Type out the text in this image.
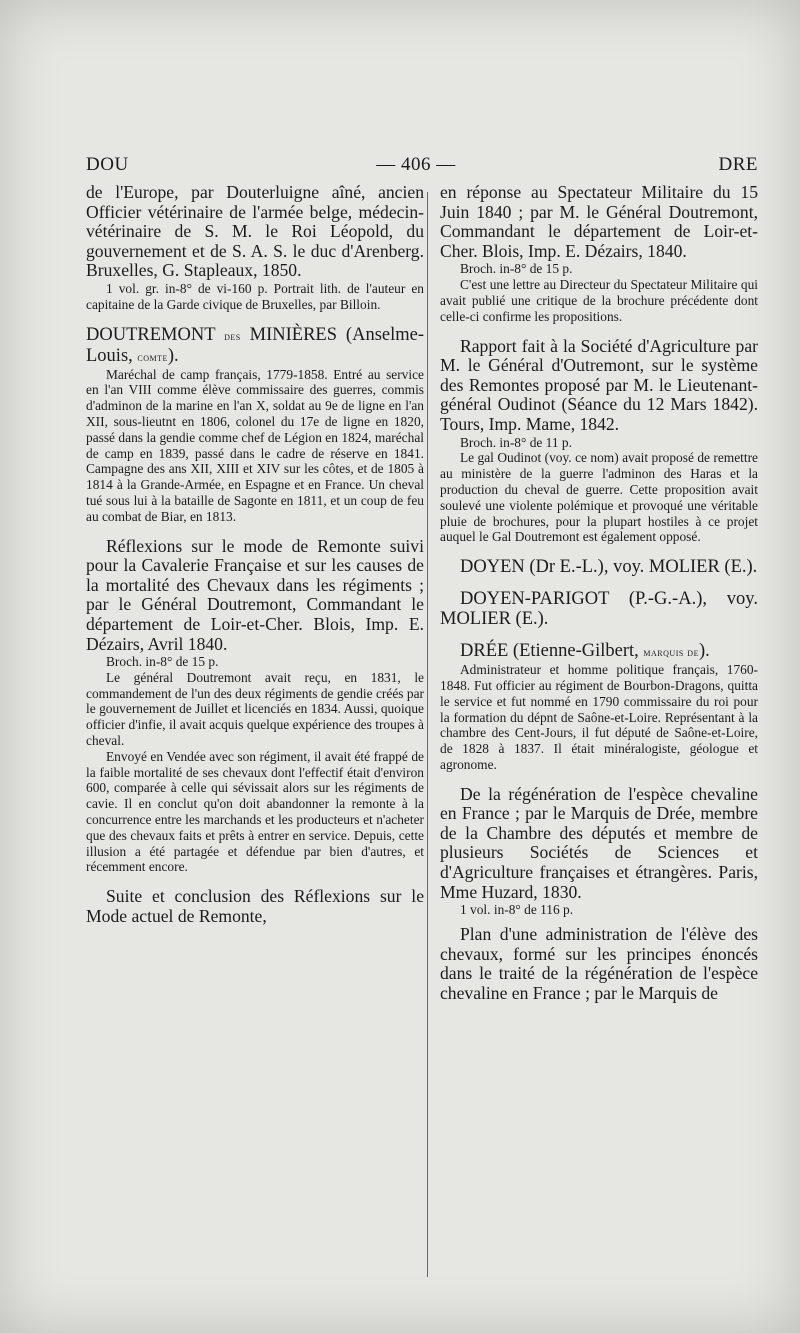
DOU	— 406 —	DRE

de l'Europe, par Douterluigne aîné, ancien Officier vétérinaire de l'armée belge, médecin-vétérinaire de S. M. le Roi Léopold, du gouvernement et de S. A. S. le duc d'Arenberg. Bruxelles, G. Stapleaux, 1850.

1 vol. gr. in-8° de vi-160 p. Portrait lith. de l'auteur en capitaine de la Garde civique de Bruxelles, par Billoin.

DOUTREMONT des MINIÈRES (Anselme-Louis, comte).

Maréchal de camp français, 1779-1858. Entré au service en l'an VIII comme élève commissaire des guerres, commis d'adminon de la marine en l'an X, soldat au 9e de ligne en l'an XII, sous-lieutnt en 1806, colonel du 17e de ligne en 1820, passé dans la gendie comme chef de Légion en 1824, maréchal de camp en 1839, passé dans le cadre de réserve en 1841. Campagne des ans XII, XIII et XIV sur les côtes, et de 1805 à 1814 à la Grande-Armée, en Espagne et en France. Un cheval tué sous lui à la bataille de Sagonte en 1811, et un coup de feu au combat de Biar, en 1813.

Réflexions sur le mode de Remonte suivi pour la Cavalerie Française et sur les causes de la mortalité des Chevaux dans les régiments ; par le Général Doutremont, Commandant le département de Loir-et-Cher. Blois, Imp. E. Dézairs, Avril 1840.

Broch. in-8° de 15 p.

Le général Doutremont avait reçu, en 1831, le commandement de l'un des deux régiments de gendie créés par le gouvernement de Juillet et licenciés en 1834. Aussi, quoique officier d'infie, il avait acquis quelque expérience des troupes à cheval.

Envoyé en Vendée avec son régiment, il avait été frappé de la faible mortalité de ses chevaux dont l'effectif était d'environ 600, comparée à celle qui sévissait alors sur les régiments de cavie. Il en conclut qu'on doit abandonner la remonte à la concurrence entre les marchands et les producteurs et n'acheter que des chevaux faits et prêts à entrer en service. Depuis, cette illusion a été partagée et défendue par bien d'autres, et récemment encore.

Suite et conclusion des Réflexions sur le Mode actuel de Remonte,

en réponse au Spectateur Militaire du 15 Juin 1840 ; par M. le Général Doutremont, Commandant le département de Loir-et-Cher. Blois, Imp. E. Dézairs, 1840.

Broch. in-8° de 15 p.

C'est une lettre au Directeur du Spectateur Militaire qui avait publié une critique de la brochure précédente dont celle-ci confirme les propositions.

Rapport fait à la Société d'Agriculture par M. le Général d'Outremont, sur le système des Remontes proposé par M. le Lieutenant-général Oudinot (Séance du 12 Mars 1842). Tours, Imp. Mame, 1842.

Broch. in-8° de 11 p.

Le gal Oudinot (voy. ce nom) avait proposé de remettre au ministère de la guerre l'adminon des Haras et la production du cheval de guerre. Cette proposition avait soulevé une violente polémique et provoqué une véritable pluie de brochures, pour la plupart hostiles à ce projet auquel le Gal Doutremont est également opposé.

DOYEN (Dr E.-L.), voy. MOLIER (E.).

DOYEN-PARIGOT (P.-G.-A.), voy. MOLIER (E.).

DRÉE (Etienne-Gilbert, marquis de).

Administrateur et homme politique français, 1760-1848. Fut officier au régiment de Bourbon-Dragons, quitta le service et fut nommé en 1790 commissaire du roi pour la formation du dépnt de Saône-et-Loire. Représentant à la chambre des Cent-Jours, il fut député de Saône-et-Loire, de 1828 à 1837. Il était minéralogiste, géologue et agronome.

De la régénération de l'espèce chevaline en France ; par le Marquis de Drée, membre de la Chambre des députés et membre de plusieurs Sociétés de Sciences et d'Agriculture françaises et étrangères. Paris, Mme Huzard, 1830.

1 vol. in-8° de 116 p.

Plan d'une administration de l'élève des chevaux, formé sur les principes énoncés dans le traité de la régénération de l'espèce chevaline en France ; par le Marquis de
